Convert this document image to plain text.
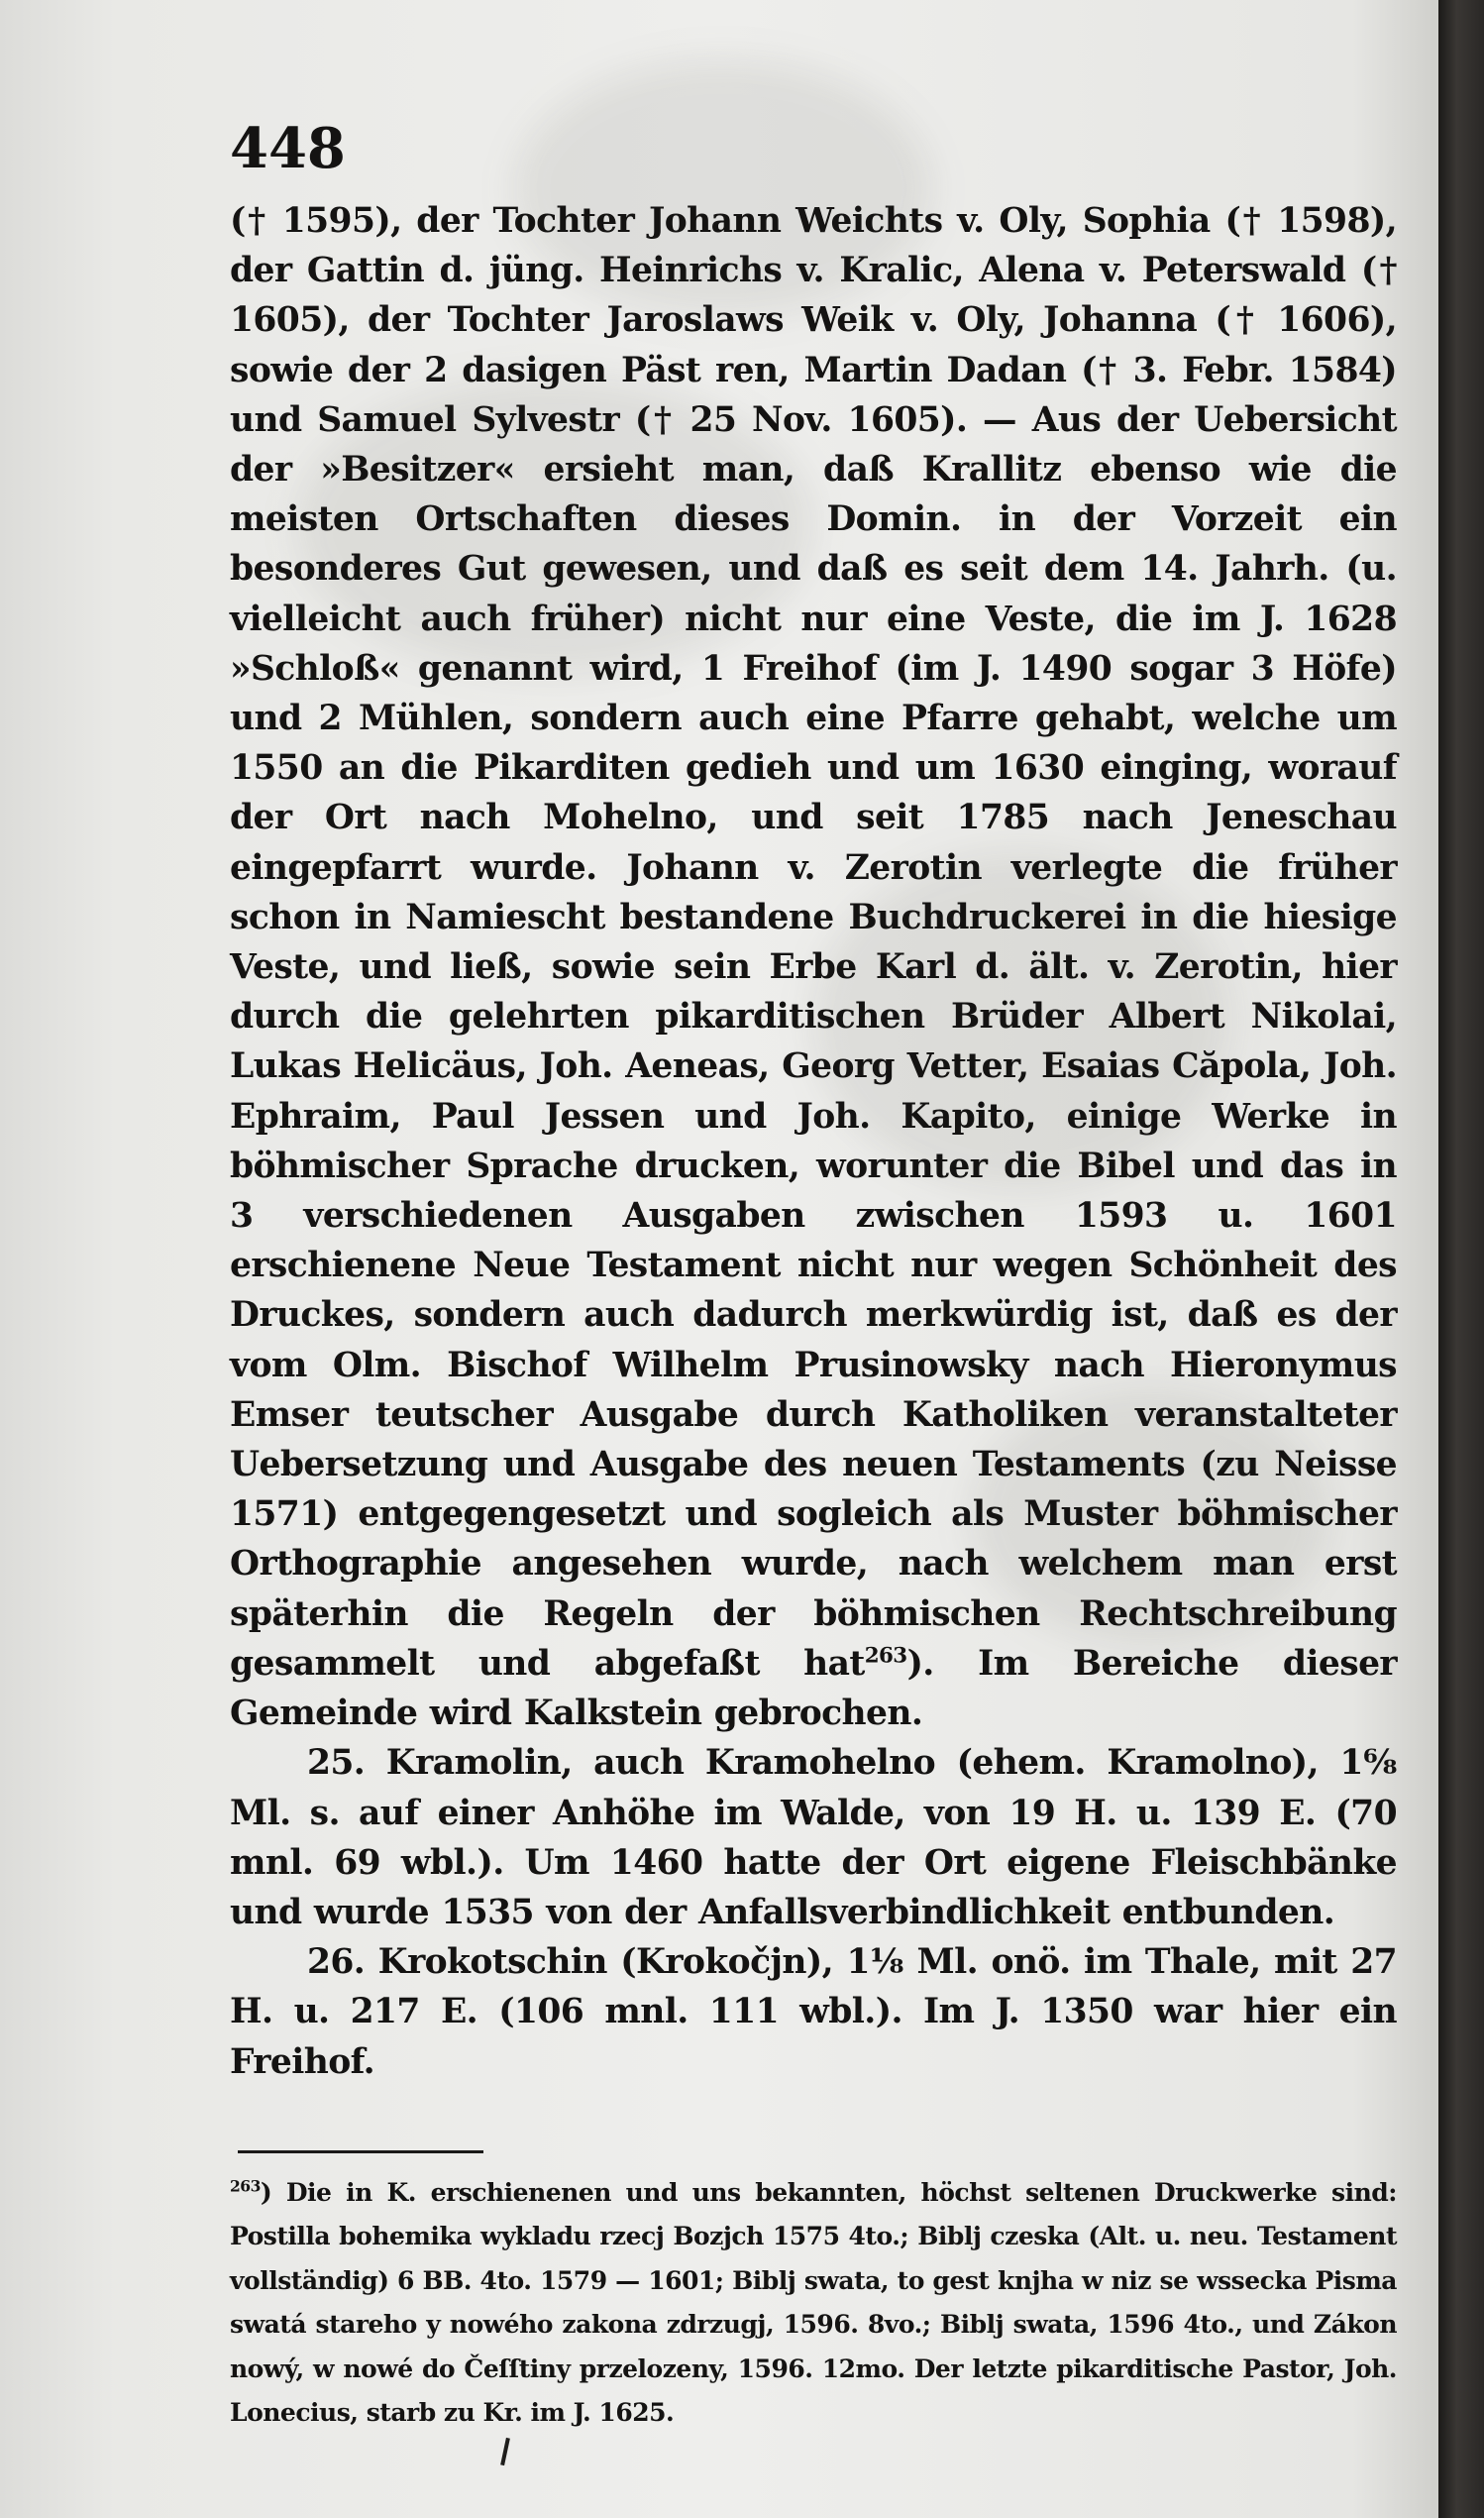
448

(† 1595), der Tochter Johann Weichts v. Oly, Sophia († 1598), der Gattin d. jüng. Heinrichs v. Kralic, Alena v. Peterswald († 1605), der Tochter Jaroslaws Weik v. Oly, Johanna († 1606), sowie der 2 dasigen Päst ren, Martin Dadan († 3. Febr. 1584) und Samuel Sylvestr († 25 Nov. 1605). — Aus der Uebersicht der »Besitzer« ersieht man, daß Krallitz ebenso wie die meisten Ortschaften dieses Domin. in der Vorzeit ein besonderes Gut gewesen, und daß es seit dem 14. Jahrh. (u. vielleicht auch früher) nicht nur eine Veste, die im J. 1628 »Schloß« genannt wird, 1 Freihof (im J. 1490 sogar 3 Höfe) und 2 Mühlen, sondern auch eine Pfarre gehabt, welche um 1550 an die Pikarditen gedieh und um 1630 einging, worauf der Ort nach Mohelno, und seit 1785 nach Jeneschau eingepfarrt wurde. Johann v. Zerotin verlegte die früher schon in Namiescht bestandene Buchdruckerei in die hiesige Veste, und ließ, sowie sein Erbe Karl d. ält. v. Zerotin, hier durch die gelehrten pikarditischen Brüder Albert Nikolai, Lukas Helicäus, Joh. Aeneas, Georg Vetter, Esaias Căpola, Joh. Ephraim, Paul Jessen und Joh. Kapito, einige Werke in böhmischer Sprache drucken, worunter die Bibel und das in 3 verschiedenen Ausgaben zwischen 1593 u. 1601 erschienene Neue Testament nicht nur wegen Schönheit des Druckes, sondern auch dadurch merkwürdig ist, daß es der vom Olm. Bischof Wilhelm Prusinowsky nach Hieronymus Emser teutscher Ausgabe durch Katholiken veranstalteter Uebersetzung und Ausgabe des neuen Testaments (zu Neisse 1571) entgegengesetzt und sogleich als Muster böhmischer Orthographie angesehen wurde, nach welchem man erst späterhin die Regeln der böhmischen Rechtschreibung gesammelt und abgefaßt hat$^{263}$). Im Bereiche dieser Gemeinde wird Kalkstein gebrochen.

25. Kramolin, auch Kramohelno (ehem. Kramolno), 1⁶⁄₈ Ml. s. auf einer Anhöhe im Walde, von 19 H. u. 139 E. (70 mnl. 69 wbl.). Um 1460 hatte der Ort eigene Fleischbänke und wurde 1535 von der Anfallsverbindlichkeit entbunden.

26. Krokotschin (Krokočjn), 1¹⁄₈ Ml. onö. im Thale, mit 27 H. u. 217 E. (106 mnl. 111 wbl.). Im J. 1350 war hier ein Freihof.

$^{263}$) Die in K. erschienenen und uns bekannten, höchst seltenen Druckwerke sind: Postilla bohemika wykladu rzecj Bozjch 1575 4to.; Biblj czeska (Alt. u. neu. Testament vollständig) 6 BB. 4to. 1579 — 1601; Biblj swata, to gest knjha w niz se wssecka Pisma swatá stareho y nowého zakona zdrzugj, 1596. 8vo.; Biblj swata, 1596 4to., und Zákon nowý, w nowé do Čeſſtiny przelozeny, 1596. 12mo. Der letzte pikarditische Pastor, Joh. Lonecius, starb zu Kr. im J. 1625.
